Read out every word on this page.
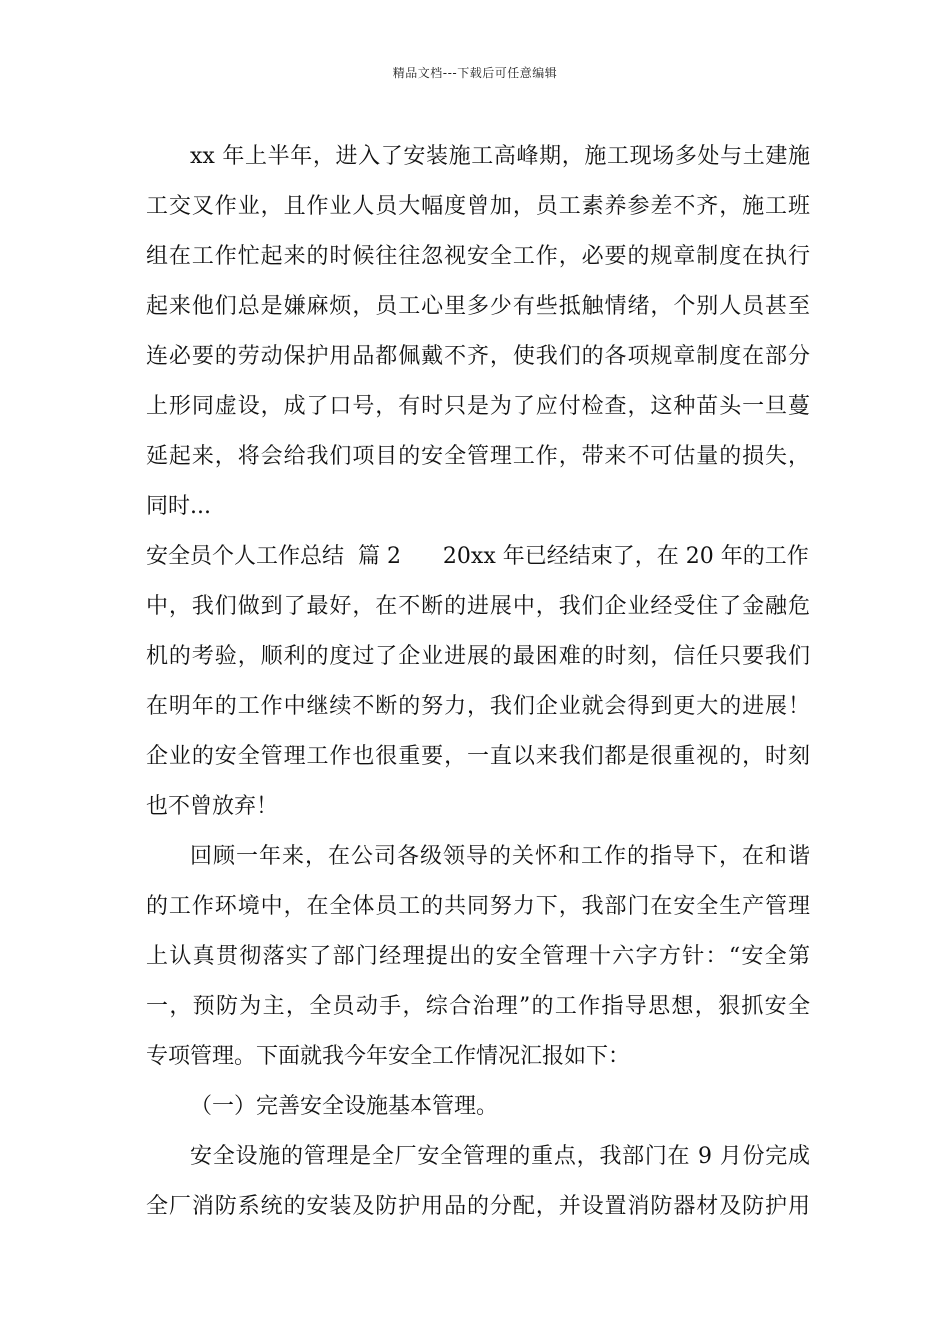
精品文档---下载后可任意编辑
xx 年上半年，进入了安装施工高峰期，施工现场多处与土建施
工交叉作业，且作业人员大幅度曾加，员工素养参差不齐，施工班
组在工作忙起来的时候往往忽视安全工作，必要的规章制度在执行
起来他们总是嫌麻烦，员工心里多少有些抵触情绪，个别人员甚至
连必要的劳动保护用品都佩戴不齐，使我们的各项规章制度在部分
上形同虚设，成了口号，有时只是为了应付检查，这种苗头一旦蔓
延起来，将会给我们项目的安全管理工作，带来不可估量的损失，
同时...
安全员个人工作总结  篇 2      20xx 年已经结束了，在 20 年的工作
中，我们做到了最好，在不断的进展中，我们企业经受住了金融危
机的考验，顺利的度过了企业进展的最困难的时刻，信任只要我们
在明年的工作中继续不断的努力，我们企业就会得到更大的进展！
企业的安全管理工作也很重要，一直以来我们都是很重视的，时刻
也不曾放弃！
回顾一年来，在公司各级领导的关怀和工作的指导下，在和谐
的工作环境中，在全体员工的共同努力下，我部门在安全生产管理
上认真贯彻落实了部门经理提出的安全管理十六字方针：“安全第
一，预防为主，全员动手，综合治理”的工作指导思想，狠抓安全
专项管理。下面就我今年安全工作情况汇报如下：
（一）完善安全设施基本管理。
安全设施的管理是全厂安全管理的重点，我部门在 9 月份完成
全厂消防系统的安装及防护用品的分配，并设置消防器材及防护用
